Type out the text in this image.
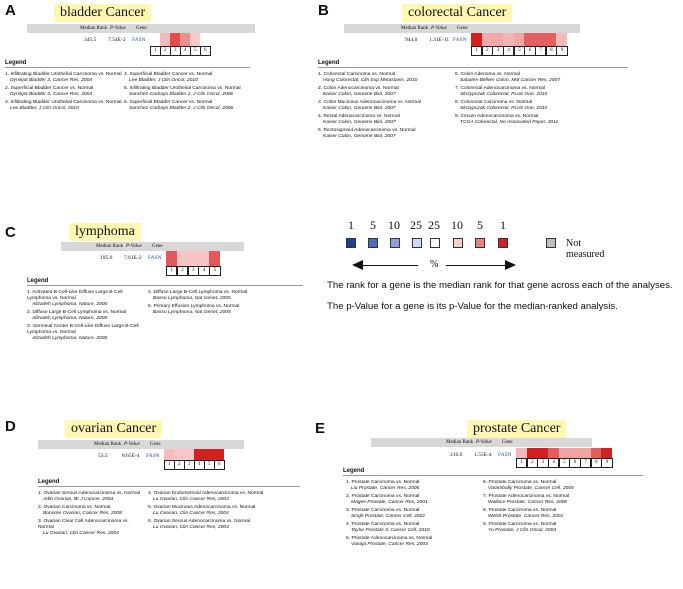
A	bladder Cancer
Median Rank P-Value Gene
345.5 7.54E-2 FASN
1	2	3	4	5	6
Legend
1. Infiltrating Bladder Urothelial Carcinoma vs. Normal
Dyrskjot Bladder 3, Cancer Res, 2004
2. Superficial Bladder Cancer vs. Normal
Dyrskjot Bladder 3, Cancer Res, 2004
3. Infiltrating Bladder Urothelial Carcinoma vs. Normal
Lee Bladder, J Clin Oncol, 2010
4. Superficial Bladder Cancer vs. Normal
Lee Bladder, J Clin Oncol, 2010
5. Infiltrating Bladder Urothelial Carcinoma vs. Normal
Sanchez-Carbayo Bladder 2, J Clin Oncol, 2006
6. Superficial Bladder Cancer vs. Normal
Sanchez-Carbayo Bladder 2, J Clin Oncol, 2006
B	colorectal Cancer
Median Rank P-Value Gene
944.0 1.31E-11 FASN
1	2	3	4	5	6	7	8	9
Legend
1. Colorectal Carcinoma vs. Normal
Hong Colorectal, Clin Exp Metastasis, 2010
2. Colon Adenocarcinoma vs. Normal
Kaiser Colon, Genome Biol, 2007
3. Colon Mucinous Adenocarcinoma vs. Normal
Kaiser Colon, Genome Biol, 2007
4. Rectal Adenocarcinoma vs. Normal
Kaiser Colon, Genome Biol, 2007
5. Rectosigmoid Adenocarcinoma vs. Normal
Kaiser Colon, Genome Biol, 2007
6. Colon Adenoma vs. Normal
Sabates-Bellver Colon, Mol Cancer Res, 2007
7. Colorectal Adenocarcinoma vs. Normal
Skrzypczak Colorectal, PLoS One, 2010
8. Colorectal Carcinoma vs. Normal
Skrzypczak Colorectal, PLoS One, 2010
9. Cecum Adenocarcinoma vs. Normal
TCGA Colorectal, No Associated Paper, 2011
C	lymphoma
Median Rank P-Value Gene
195.0 7.61E-2 FASN
1	2	3	4	5
Legend
1. Activated B-Cell-Like Diffuse Large B-Cell Lymphoma vs. Normal
Alizadeh Lymphoma, Nature, 2000
2. Diffuse Large B-Cell Lymphoma vs. Normal
Alizadeh Lymphoma, Nature, 2000
3. Germinal Center B-Cell-Like Diffuse Large B-Cell Lymphoma vs. Normal
Alizadeh Lymphoma, Nature, 2000
4. Diffuse Large B-Cell Lymphoma vs. Normal
Basso Lymphoma, Nat Genet, 2005
5. Primary Effusion Lymphoma vs. Normal
Basso Lymphoma, Nat Genet, 2005
D	ovarian Cancer
Median Rank P-Value Gene
53.5	8.65E-4 FASN
1	2	3	4	5	6
Legend
1. Ovarian Serous Adenocarcinoma vs. Normal
Adib Ovarian, Br J Cancer, 2004
2. Ovarian Carcinoma vs. Normal
Bonome Ovarian, Cancer Res, 2008
3. Ovarian Clear Cell Adenocarcinoma vs. Normal
Lu Ovarian, Clin Cancer Res, 2004
4. Ovarian Endometrioid Adenocarcinoma vs. Normal
Lu Ovarian, Clin Cancer Res, 2004
5. Ovarian Mucinous Adenocarcinoma vs. Normal
Lu Ovarian, Clin Cancer Res, 2004
6. Ovarian Serous Adenocarcinoma vs. Normal
Lu Ovarian, Clin Cancer Res, 2004
E	prostate Cancer
Median Rank P-Value Gene
216.0 1.55E-4 FASN
1	2	3	4	5	6	7	8	9
Legend
1. Prostate Carcinoma vs. Normal
Liu Prostate, Cancer Res, 2006
2. Prostate Carcinoma vs. Normal
Magee Prostate, Cancer Res, 2001
3. Prostate Carcinoma vs. Normal
Singh Prostate, Cancer Cell, 2002
4. Prostate Carcinoma vs. Normal
Taylor Prostate 3, Cancer Cell, 2010
5. Prostate Adenocarcinoma vs. Normal
Vanaja Prostate, Cancer Res, 2003
6. Prostate Carcinoma vs. Normal
Varambally Prostate, Cancer Cell, 2005
7. Prostate Adenocarcinoma vs. Normal
Wallace Prostate, Cancer Res, 2008
8. Prostate Carcinoma vs. Normal
Welsh Prostate, Cancer Res, 2001
9. Prostate Carcinoma vs. Normal
Yu Prostate, J Clin Oncol, 2004
1 5 10 25 25 10 5 1
Not measured
%
The rank for a gene is the median rank for that gene across each of the analyses.
The p-Value for a gene is its p-Value for the median-ranked analysis.
